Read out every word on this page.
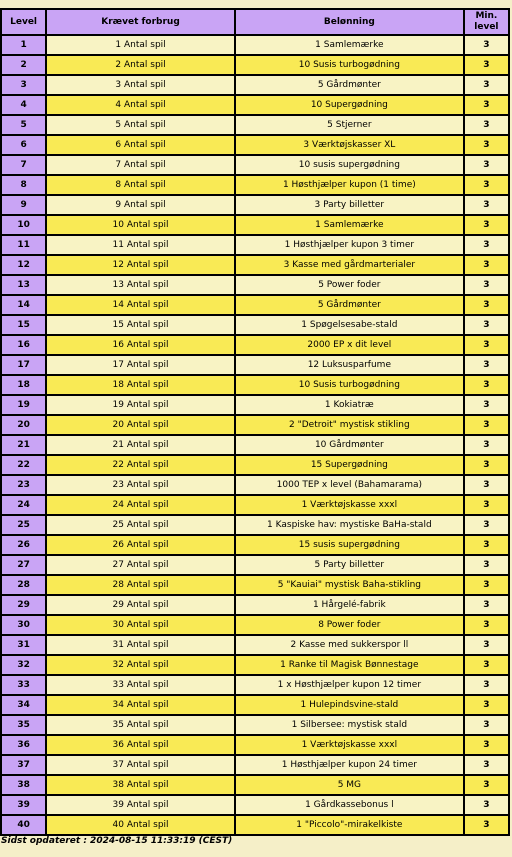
Level	Krævet forbrug	Belønning	Min.
level
1	1 Antal spil	1 Samlemærke	3
2	2 Antal spil	10 Susis turbogødning	3
3	3 Antal spil	5 Gårdmønter	3
4	4 Antal spil	10 Supergødning	3
5	5 Antal spil	5 Stjerner	3
6	6 Antal spil	3 Værktøjskasser XL	3
7	7 Antal spil	10 susis supergødning	3
8	8 Antal spil	1 Høsthjælper kupon (1 time)	3
9	9 Antal spil	3 Party billetter	3
10	10 Antal spil	1 Samlemærke	3
11	11 Antal spil	1 Høsthjælper kupon 3 timer	3
12	12 Antal spil	3 Kasse med gårdmarterialer	3
13	13 Antal spil	5 Power foder	3
14	14 Antal spil	5 Gårdmønter	3
15	15 Antal spil	1 Spøgelsesabe-stald	3
16	16 Antal spil	2000 EP x dit level	3
17	17 Antal spil	12 Luksusparfume	3
18	18 Antal spil	10 Susis turbogødning	3
19	19 Antal spil	1 Kokiatræ	3
20	20 Antal spil	2 "Detroit" mystisk stikling	3
21	21 Antal spil	10 Gårdmønter	3
22	22 Antal spil	15 Supergødning	3
23	23 Antal spil	1000 TEP x level (Bahamarama)	3
24	24 Antal spil	1 Værktøjskasse xxxl	3
25	25 Antal spil	1 Kaspiske hav: mystiske BaHa-stald	3
26	26 Antal spil	15 susis supergødning	3
27	27 Antal spil	5 Party billetter	3
28	28 Antal spil	5 "Kauiai" mystisk Baha-stikling	3
29	29 Antal spil	1 Hårgelé-fabrik	3
30	30 Antal spil	8 Power foder	3
31	31 Antal spil	2 Kasse med sukkerspor ll	3
32	32 Antal spil	1 Ranke til Magisk Bønnestage	3
33	33 Antal spil	1 x Høsthjælper kupon 12 timer	3
34	34 Antal spil	1 Hulepindsvine-stald	3
35	35 Antal spil	1 Silbersee: mystisk stald	3
36	36 Antal spil	1 Værktøjskasse xxxl	3
37	37 Antal spil	1 Høsthjælper kupon 24 timer	3
38	38 Antal spil	5 MG	3
39	39 Antal spil	1 Gårdkassebonus l	3
40	40 Antal spil	1 "Piccolo"-mirakelkiste	3
Sidst opdateret : 2024-08-15 11:33:19 (CEST)
